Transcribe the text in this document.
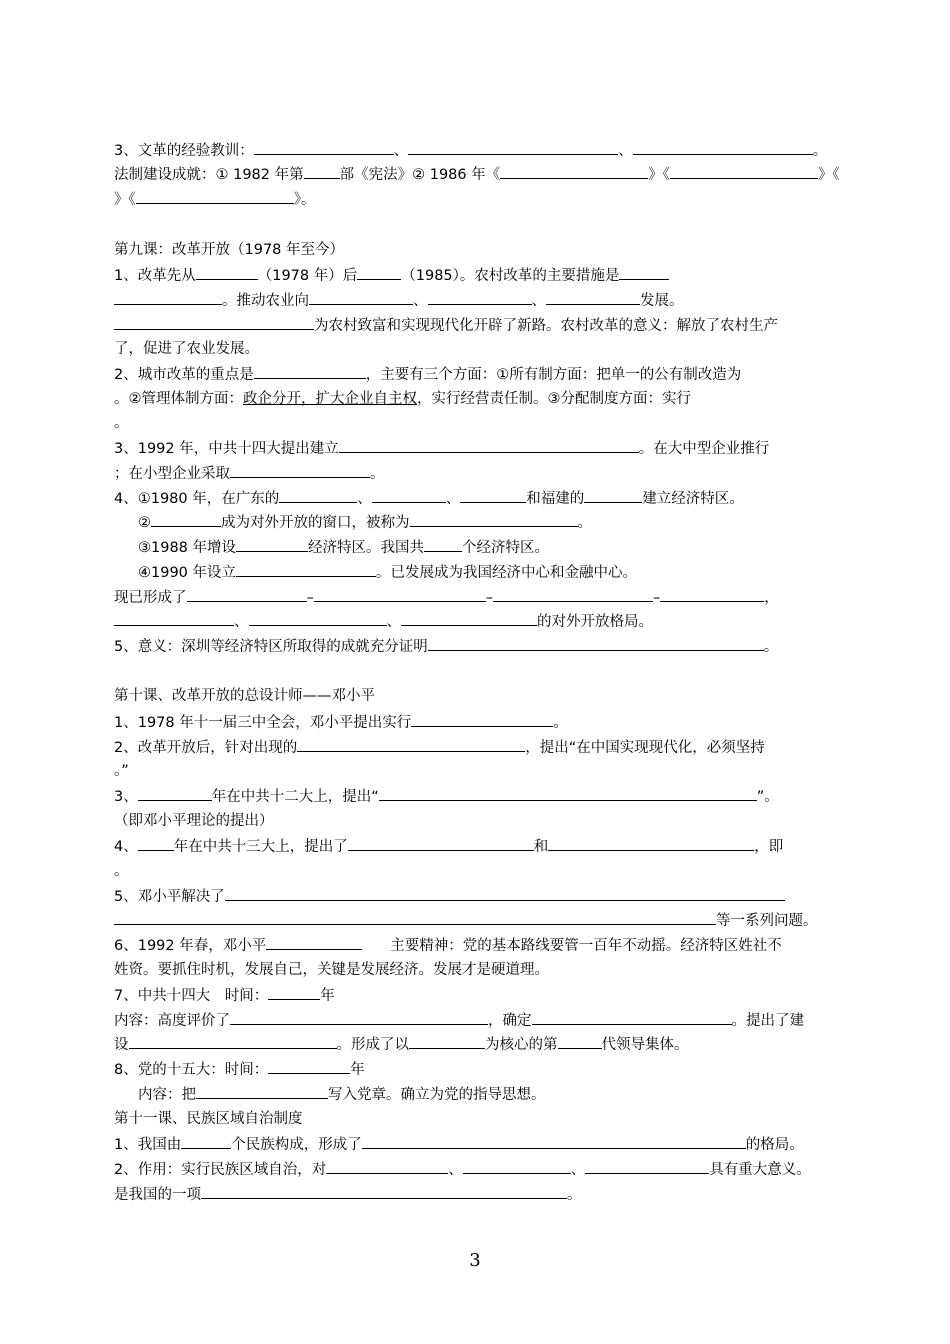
3、文革的经验教训：	、	、	。
法制建设成就：① 1982 年第 部《宪法》② 1986 年《	》《	》《
》《	》。
第九课：改革开放（1978 年至今）
1、改革先从	（1978 年）后	（1985）。农村改革的主要措施是
。推动农业向	、	、	发展。
为农村致富和实现现代化开辟了新路。农村改革的意义：解放了农村生产
了，促进了农业发展。
2、城市改革的重点是	，主要有三个方面：①所有制方面：把单一的公有制改造为
。②管理体制方面：政企分开，扩大企业自主权，实行经营责任制。③分配制度方面：实行
。
3、1992 年，中共十四大提出建立	。在大中型企业推行
；在小型企业采取	。
4、①1980 年，在广东的	、	、	和福建的	建立经济特区。
②	成为对外开放的窗口，被称为	。
③1988 年增设	经济特区。我国共	个经济特区。
④1990 年设立	。已发展成为我国经济中心和金融中心。
现已形成了	–	–	–	，
、	、	的对外开放格局。
5、意义：深圳等经济特区所取得的成就充分证明	。
第十课、改革开放的总设计师——邓小平
1、1978 年十一届三中全会，邓小平提出实行	。
2、改革开放后，针对出现的	，提出“在中国实现现代化，必须坚持
。”
3、	年在中共十二大上，提出“	”。
（即邓小平理论的提出）
4、 年在中共十三大上，提出了	和	，即
。
5、邓小平解决了
等一系列问题。
6、1992 年春，邓小平	主要精神：党的基本路线要管一百年不动摇。经济特区姓社不
姓资。要抓住时机，发展自己，关键是发展经济。发展才是硬道理。
7、中共十四大　时间：	年
内容：高度评价了	，确定	。提出了建
设	。形成了以	为核心的第	代领导集体。
8、党的十五大：时间：	年
内容：把	写入党章。确立为党的指导思想。
第十一课、民族区域自治制度
1、我国由	个民族构成，形成了	的格局。
2、作用：实行民族区域自治，对	、	、	具有重大意义。
是我国的一项	。
3
